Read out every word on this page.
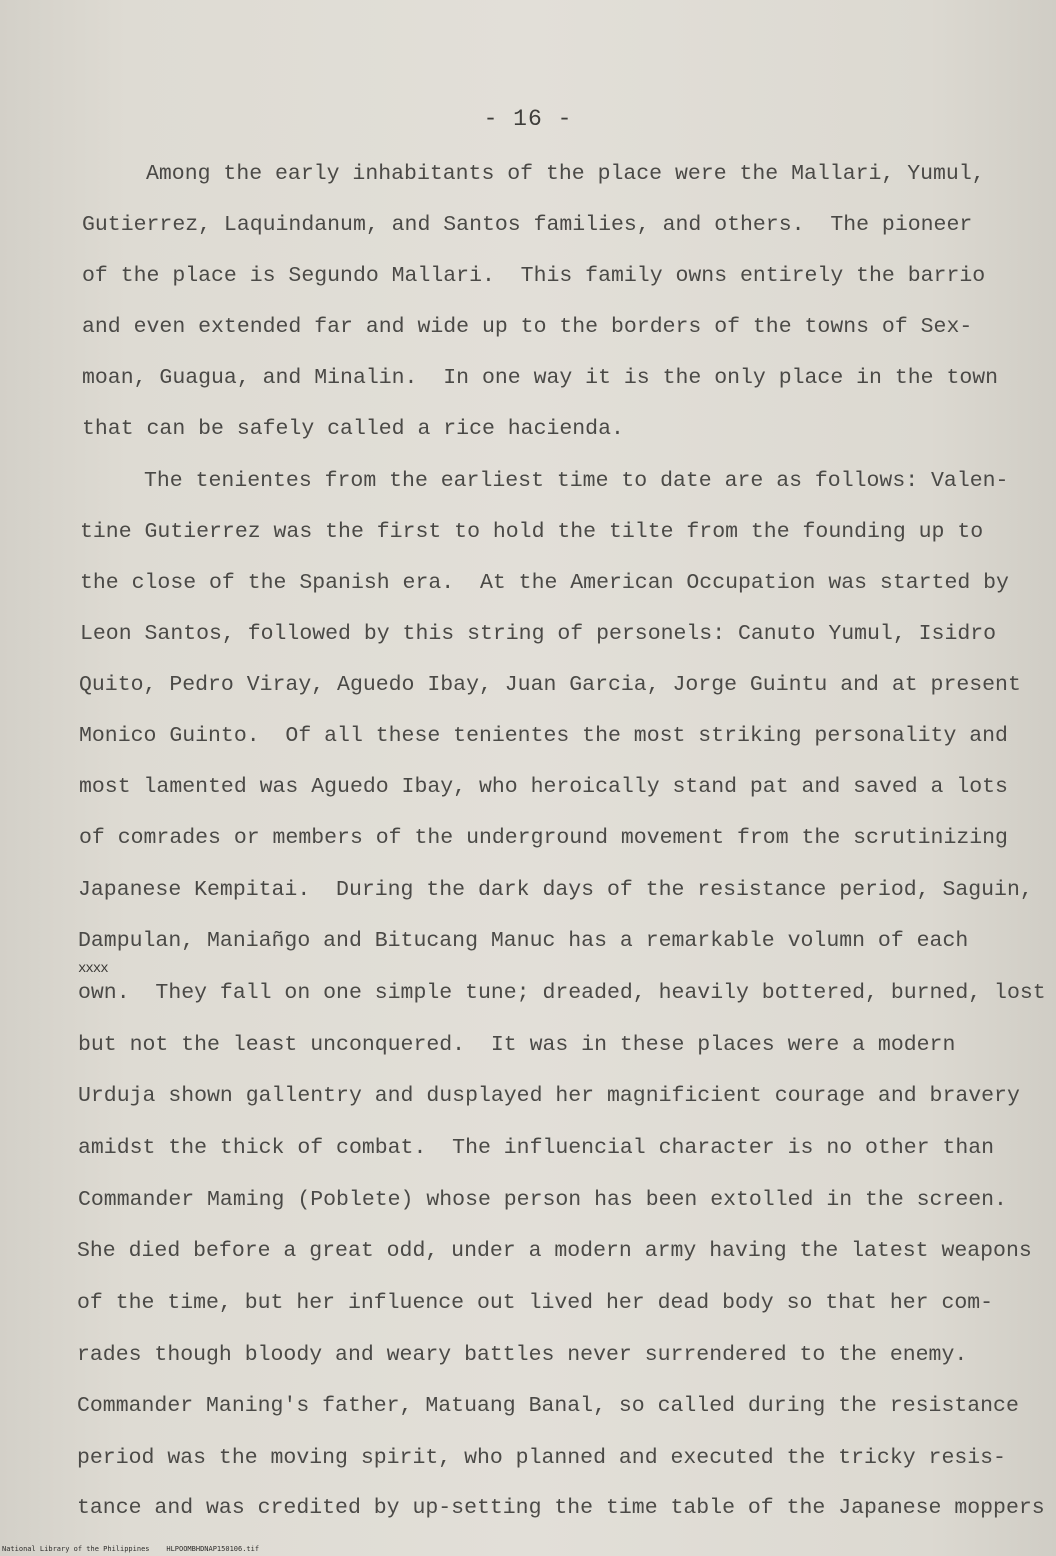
- 16 -
Among the early inhabitants of the place were the Mallari, Yumul,
Gutierrez, Laquindanum, and Santos families, and others.  The pioneer
of the place is Segundo Mallari.  This family owns entirely the barrio
and even extended far and wide up to the borders of the towns of Sex-
moan, Guagua, and Minalin.  In one way it is the only place in the town
that can be safely called a rice hacienda.
The tenientes from the earliest time to date are as follows: Valen-
tine Gutierrez was the first to hold the tilte from the founding up to
the close of the Spanish era.  At the American Occupation was started by
Leon Santos, followed by this string of personels: Canuto Yumul, Isidro
Quito, Pedro Viray, Aguedo Ibay, Juan Garcia, Jorge Guintu and at present
Monico Guinto.  Of all these tenientes the most striking personality and
most lamented was Aguedo Ibay, who heroically stand pat and saved a lots
of comrades or members of the underground movement from the scrutinizing
Japanese Kempitai.  During the dark days of the resistance period, Saguin,
Dampulan, Maniañgo and Bitucang Manuc has a remarkable volumn of each
xxxx
own.  They fall on one simple tune; dreaded, heavily bottered, burned, lost
but not the least unconquered.  It was in these places were a modern
Urduja shown gallentry and dusplayed her magnificient courage and bravery
amidst the thick of combat.  The influencial character is no other than
Commander Maming (Poblete) whose person has been extolled in the screen.
She died before a great odd, under a modern army having the latest weapons
of the time, but her influence out lived her dead body so that her com-
rades though bloody and weary battles never surrendered to the enemy.
Commander Maning's father, Matuang Banal, so called during the resistance
period was the moving spirit, who planned and executed the tricky resis-
tance and was credited by up-setting the time table of the Japanese moppers
National Library of the Philippines    HLPOOMBHDNAP150106.tif
